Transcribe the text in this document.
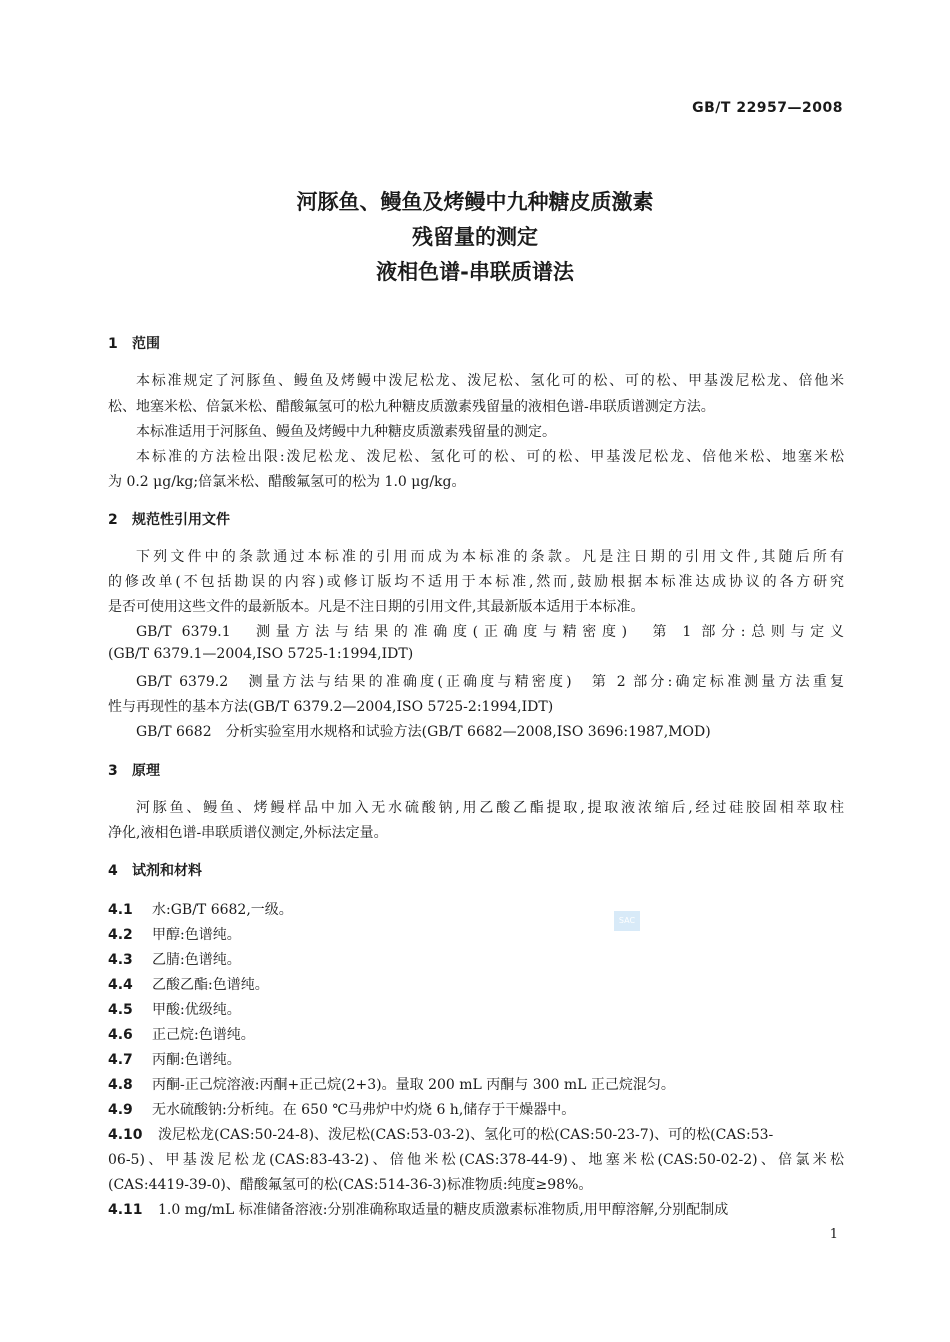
GB/T 22957—2008
河豚鱼、鳗鱼及烤鳗中九种糖皮质激素
残留量的测定
液相色谱-串联质谱法
1 范围
本标准规定了河豚鱼、鳗鱼及烤鳗中泼尼松龙、泼尼松、氢化可的松、可的松、甲基泼尼松龙、倍他米
松、地塞米松、倍氯米松、醋酸氟氢可的松九种糖皮质激素残留量的液相色谱-串联质谱测定方法。
本标准适用于河豚鱼、鳗鱼及烤鳗中九种糖皮质激素残留量的测定。
本标准的方法检出限:泼尼松龙、泼尼松、氢化可的松、可的松、甲基泼尼松龙、倍他米松、地塞米松
为 0.2 μg/kg;倍氯米松、醋酸氟氢可的松为 1.0 μg/kg。
2 规范性引用文件
下列文件中的条款通过本标准的引用而成为本标准的条款。凡是注日期的引用文件,其随后所有
的修改单(不包括勘误的内容)或修订版均不适用于本标准,然而,鼓励根据本标准达成协议的各方研究
是否可使用这些文件的最新版本。凡是不注日期的引用文件,其最新版本适用于本标准。
GB/T 6379.1　测量方法与结果的准确度(正确度与精密度)　第 1 部分:总则与定义
(GB/T 6379.1—2004,ISO 5725-1:1994,IDT)
GB/T 6379.2　测量方法与结果的准确度(正确度与精密度)　第 2 部分:确定标准测量方法重复
性与再现性的基本方法(GB/T 6379.2—2004,ISO 5725-2:1994,IDT)
GB/T 6682　分析实验室用水规格和试验方法(GB/T 6682—2008,ISO 3696:1987,MOD)
3 原理
河豚鱼、鳗鱼、烤鳗样品中加入无水硫酸钠,用乙酸乙酯提取,提取液浓缩后,经过硅胶固相萃取柱
净化,液相色谱-串联质谱仪测定,外标法定量。
4 试剂和材料
4.1 水:GB/T 6682,一级。
4.2 甲醇:色谱纯。
4.3 乙腈:色谱纯。
4.4 乙酸乙酯:色谱纯。
4.5 甲酸:优级纯。
4.6 正己烷:色谱纯。
4.7 丙酮:色谱纯。
4.8 丙酮-正己烷溶液:丙酮+正己烷(2+3)。量取 200 mL 丙酮与 300 mL 正己烷混匀。
4.9 无水硫酸钠:分析纯。在 650 ℃马弗炉中灼烧 6 h,储存于干燥器中。
4.10 泼尼松龙(CAS:50-24-8)、泼尼松(CAS:53-03-2)、氢化可的松(CAS:50-23-7)、可的松(CAS:53-
06-5)、甲基泼尼松龙(CAS:83-43-2)、倍他米松(CAS:378-44-9)、地塞米松(CAS:50-02-2)、倍氯米松
(CAS:4419-39-0)、醋酸氟氢可的松(CAS:514-36-3)标准物质:纯度≥98%。
4.11 1.0 mg/mL 标准储备溶液:分别准确称取适量的糖皮质激素标准物质,用甲醇溶解,分别配制成
SAC
1
